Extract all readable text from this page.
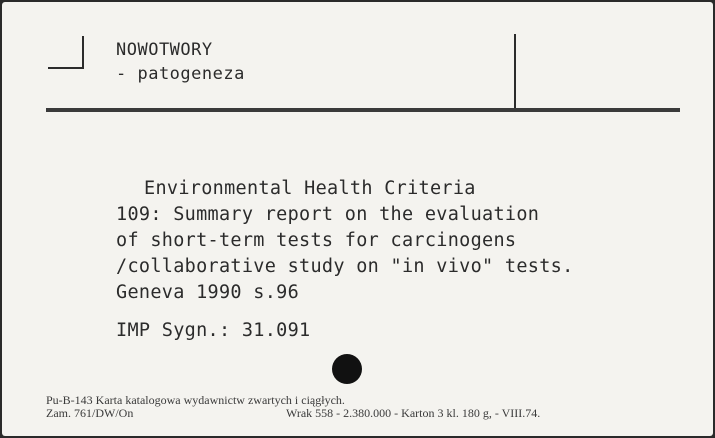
NOWOTWORY
- patogeneza
Environmental Health Criteria
109: Summary report on the evaluation
of short-term tests for carcinogens
/collaborative study on "in vivo" tests.
Geneva 1990 s.96
IMP Sygn.: 31.091
Pu-B-143 Karta katalogowa wydawnictw zwartych i ciągłych.
Zam. 761/DW/On	Wrak 558 - 2.380.000 - Karton 3 kl. 180 g, - VIII.74.
